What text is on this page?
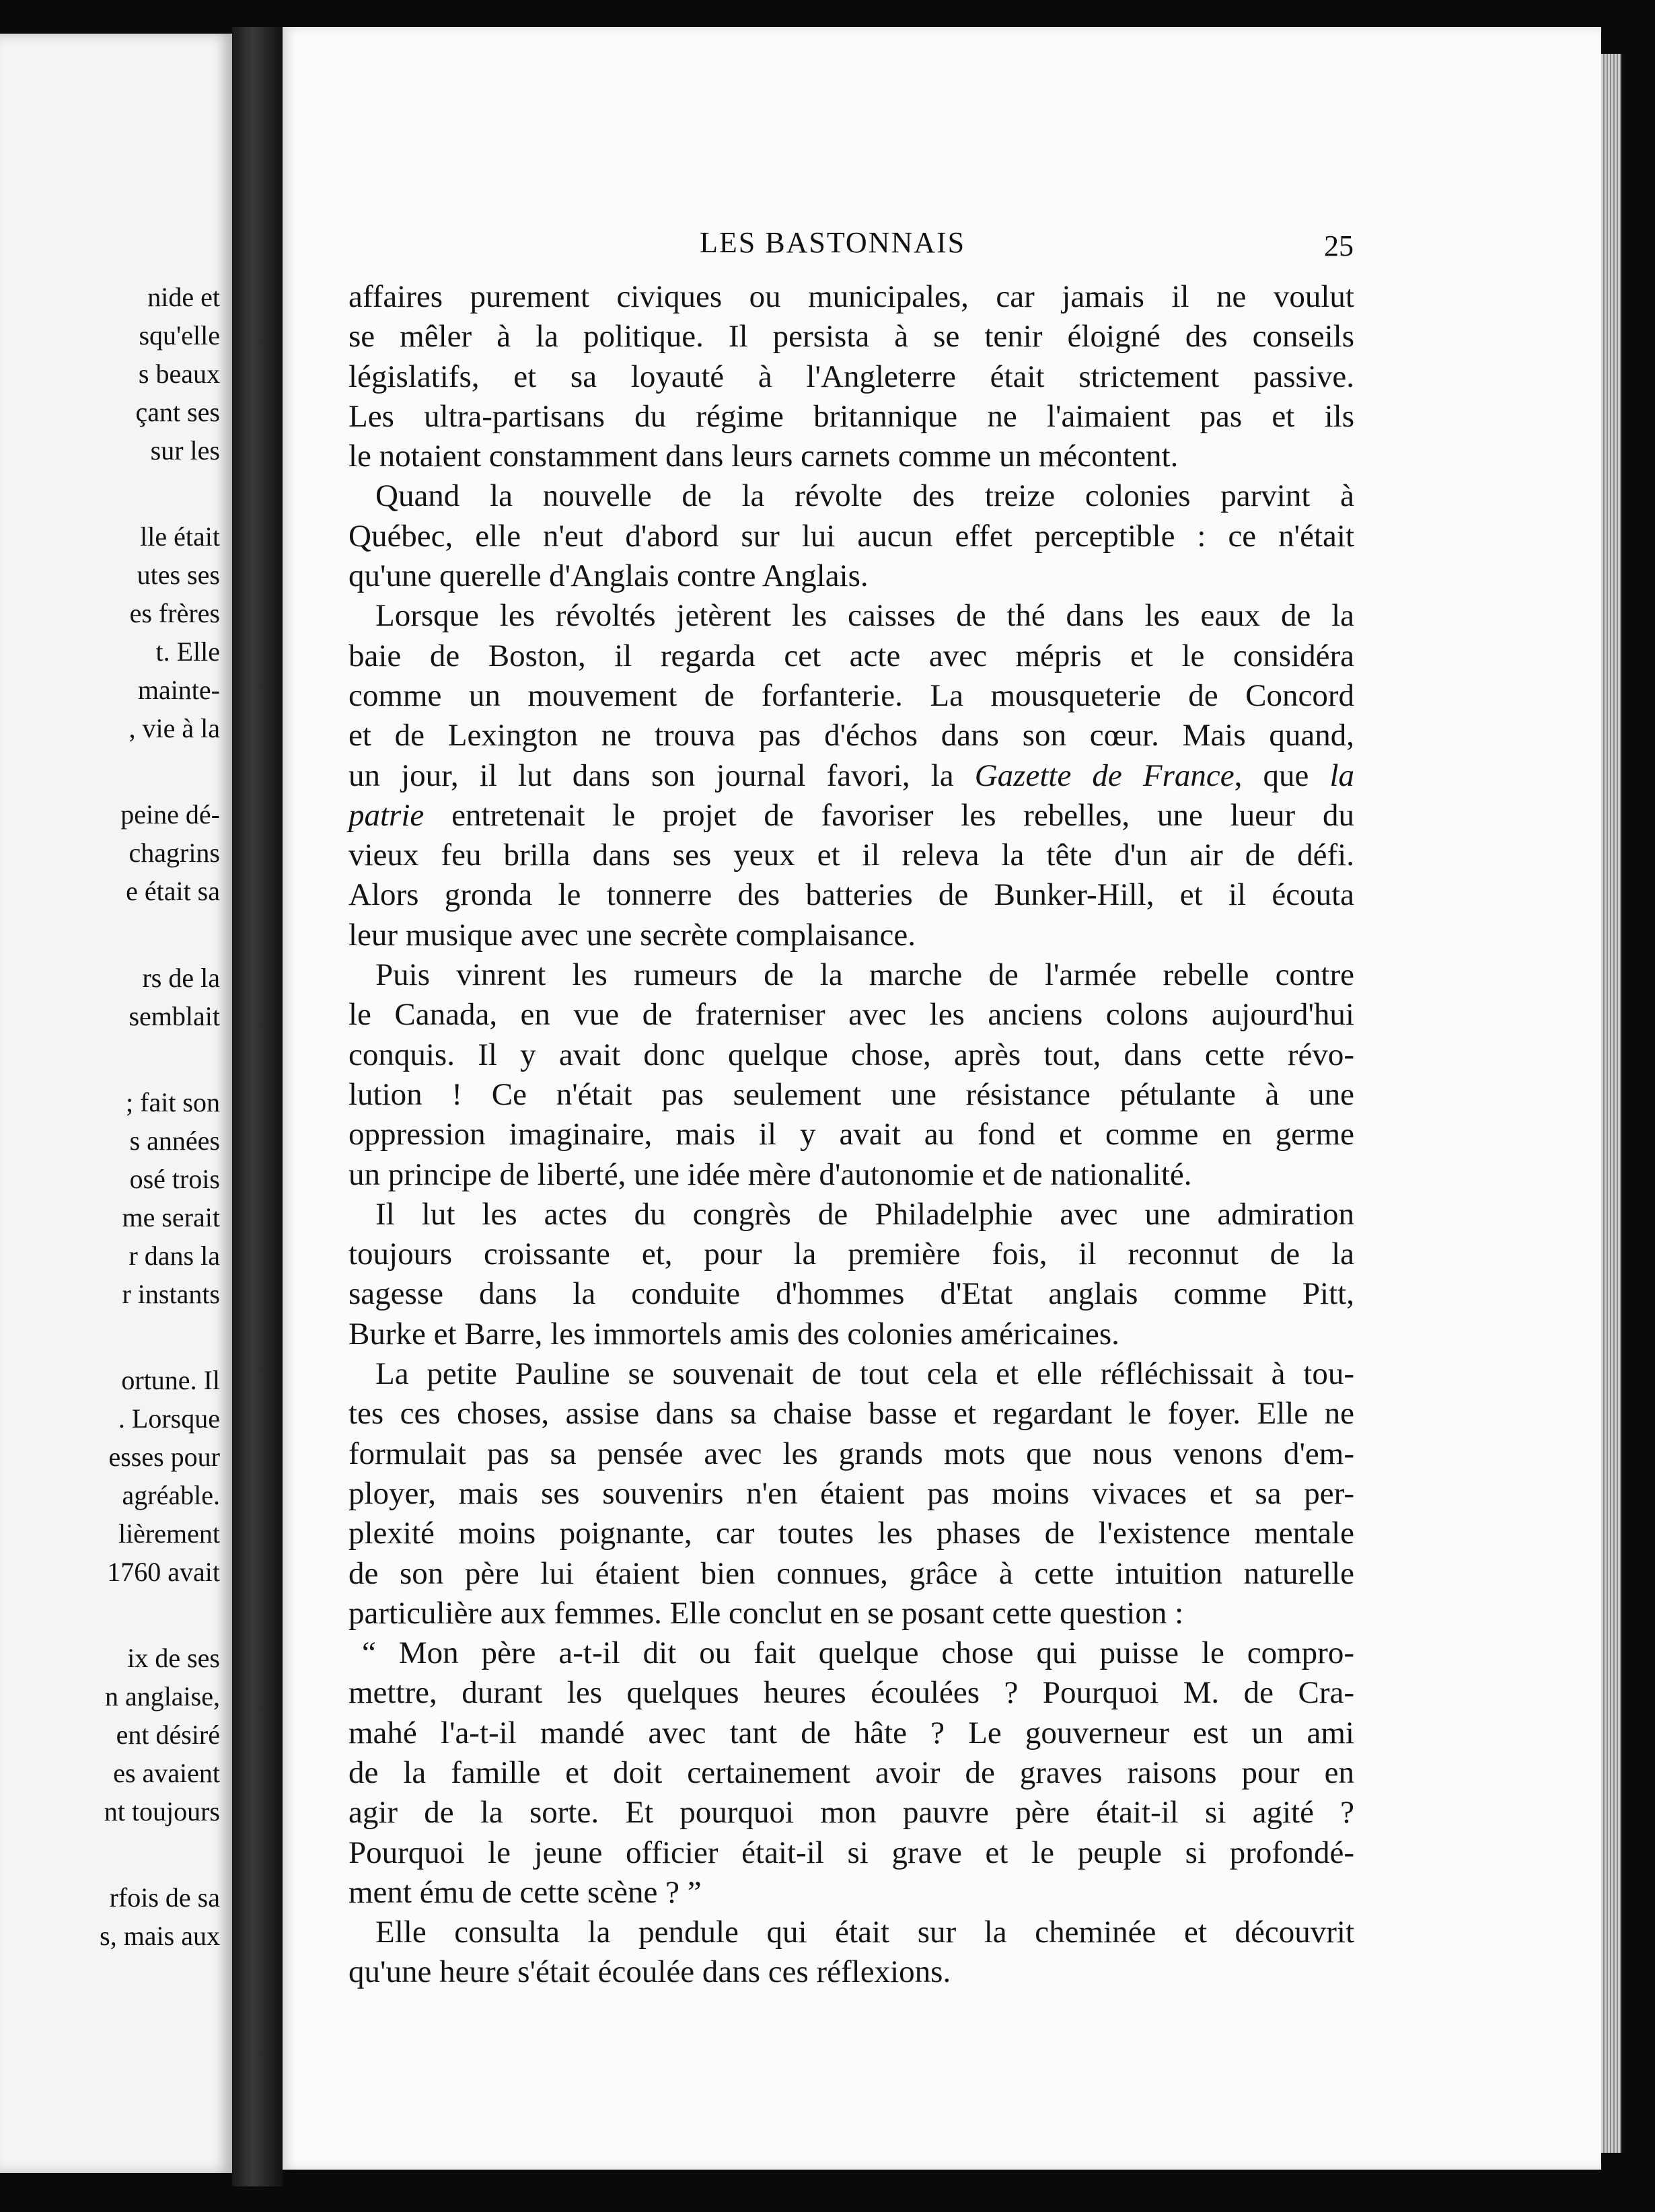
nide et
squ'elle
s beaux
çant ses
sur les
lle était
utes ses
es frères
t. Elle
mainte-
, vie à la
peine dé-
chagrins
e était sa
rs de la
semblait
; fait son
s années
osé trois
me serait
r dans la
r instants
ortune. Il
. Lorsque
esses pour
agréable.
lièrement
1760 avait
ix de ses
n anglaise,
ent désiré
es avaient
nt toujours
rfois de sa
s, mais aux
LES BASTONNAIS	25
affaires purement civiques ou municipales, car jamais il ne voulut
se mêler à la politique. Il persista à se tenir éloigné des conseils
législatifs, et sa loyauté à l'Angleterre était strictement passive.
Les ultra-partisans du régime britannique ne l'aimaient pas et ils
le notaient constamment dans leurs carnets comme un mécontent.
Quand la nouvelle de la révolte des treize colonies parvint à
Québec, elle n'eut d'abord sur lui aucun effet perceptible : ce n'était
qu'une querelle d'Anglais contre Anglais.
Lorsque les révoltés jetèrent les caisses de thé dans les eaux de la
baie de Boston, il regarda cet acte avec mépris et le considéra
comme un mouvement de forfanterie. La mousqueterie de Concord
et de Lexington ne trouva pas d'échos dans son cœur. Mais quand,
un jour, il lut dans son journal favori, la Gazette de France, que la
patrie entretenait le projet de favoriser les rebelles, une lueur du
vieux feu brilla dans ses yeux et il releva la tête d'un air de défi.
Alors gronda le tonnerre des batteries de Bunker-Hill, et il écouta
leur musique avec une secrète complaisance.
Puis vinrent les rumeurs de la marche de l'armée rebelle contre
le Canada, en vue de fraterniser avec les anciens colons aujourd'hui
conquis. Il y avait donc quelque chose, après tout, dans cette révo-
lution ! Ce n'était pas seulement une résistance pétulante à une
oppression imaginaire, mais il y avait au fond et comme en germe
un principe de liberté, une idée mère d'autonomie et de nationalité.
Il lut les actes du congrès de Philadelphie avec une admiration
toujours croissante et, pour la première fois, il reconnut de la
sagesse dans la conduite d'hommes d'Etat anglais comme Pitt,
Burke et Barre, les immortels amis des colonies américaines.
La petite Pauline se souvenait de tout cela et elle réfléchissait à tou-
tes ces choses, assise dans sa chaise basse et regardant le foyer. Elle ne
formulait pas sa pensée avec les grands mots que nous venons d'em-
ployer, mais ses souvenirs n'en étaient pas moins vivaces et sa per-
plexité moins poignante, car toutes les phases de l'existence mentale
de son père lui étaient bien connues, grâce à cette intuition naturelle
particulière aux femmes. Elle conclut en se posant cette question :
“ Mon père a-t-il dit ou fait quelque chose qui puisse le compro-
mettre, durant les quelques heures écoulées ? Pourquoi M. de Cra-
mahé l'a-t-il mandé avec tant de hâte ? Le gouverneur est un ami
de la famille et doit certainement avoir de graves raisons pour en
agir de la sorte. Et pourquoi mon pauvre père était-il si agité ?
Pourquoi le jeune officier était-il si grave et le peuple si profondé-
ment ému de cette scène ? ”
Elle consulta la pendule qui était sur la cheminée et découvrit
qu'une heure s'était écoulée dans ces réflexions.
